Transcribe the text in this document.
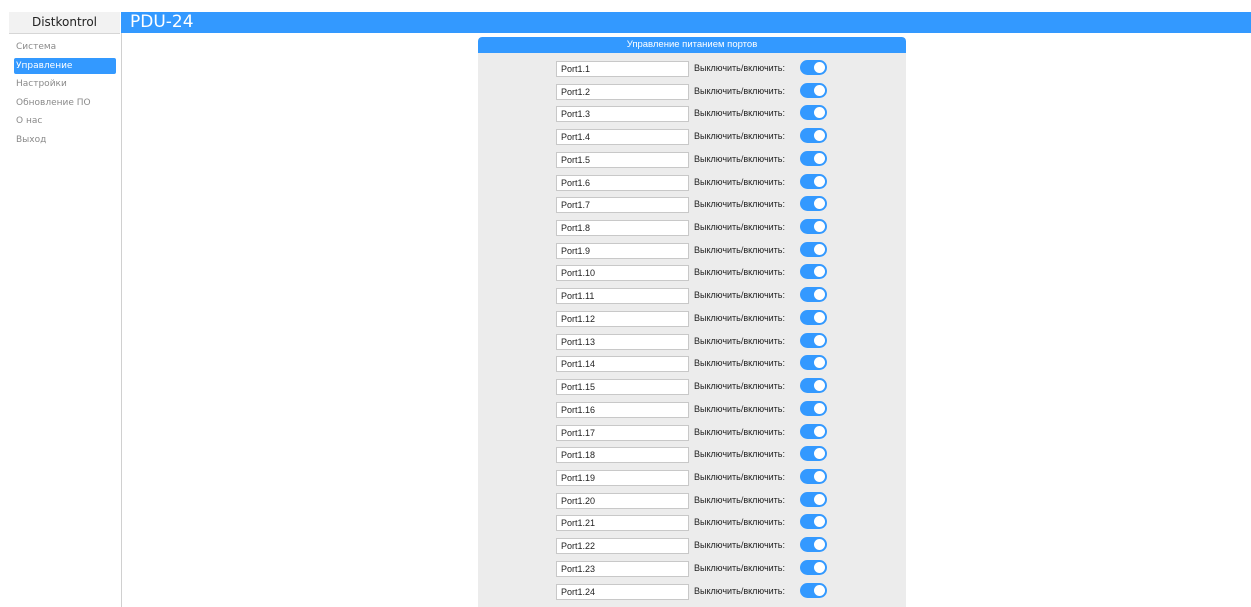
Distkontrol
Система
Управление
Настройки
Обновление ПО
О нас
Выход
PDU-24
Управление питанием портов
Port1.1
Выключить/включить:
Port1.2
Выключить/включить:
Port1.3
Выключить/включить:
Port1.4
Выключить/включить:
Port1.5
Выключить/включить:
Port1.6
Выключить/включить:
Port1.7
Выключить/включить:
Port1.8
Выключить/включить:
Port1.9
Выключить/включить:
Port1.10
Выключить/включить:
Port1.11
Выключить/включить:
Port1.12
Выключить/включить:
Port1.13
Выключить/включить:
Port1.14
Выключить/включить:
Port1.15
Выключить/включить:
Port1.16
Выключить/включить:
Port1.17
Выключить/включить:
Port1.18
Выключить/включить:
Port1.19
Выключить/включить:
Port1.20
Выключить/включить:
Port1.21
Выключить/включить:
Port1.22
Выключить/включить:
Port1.23
Выключить/включить:
Port1.24
Выключить/включить:
